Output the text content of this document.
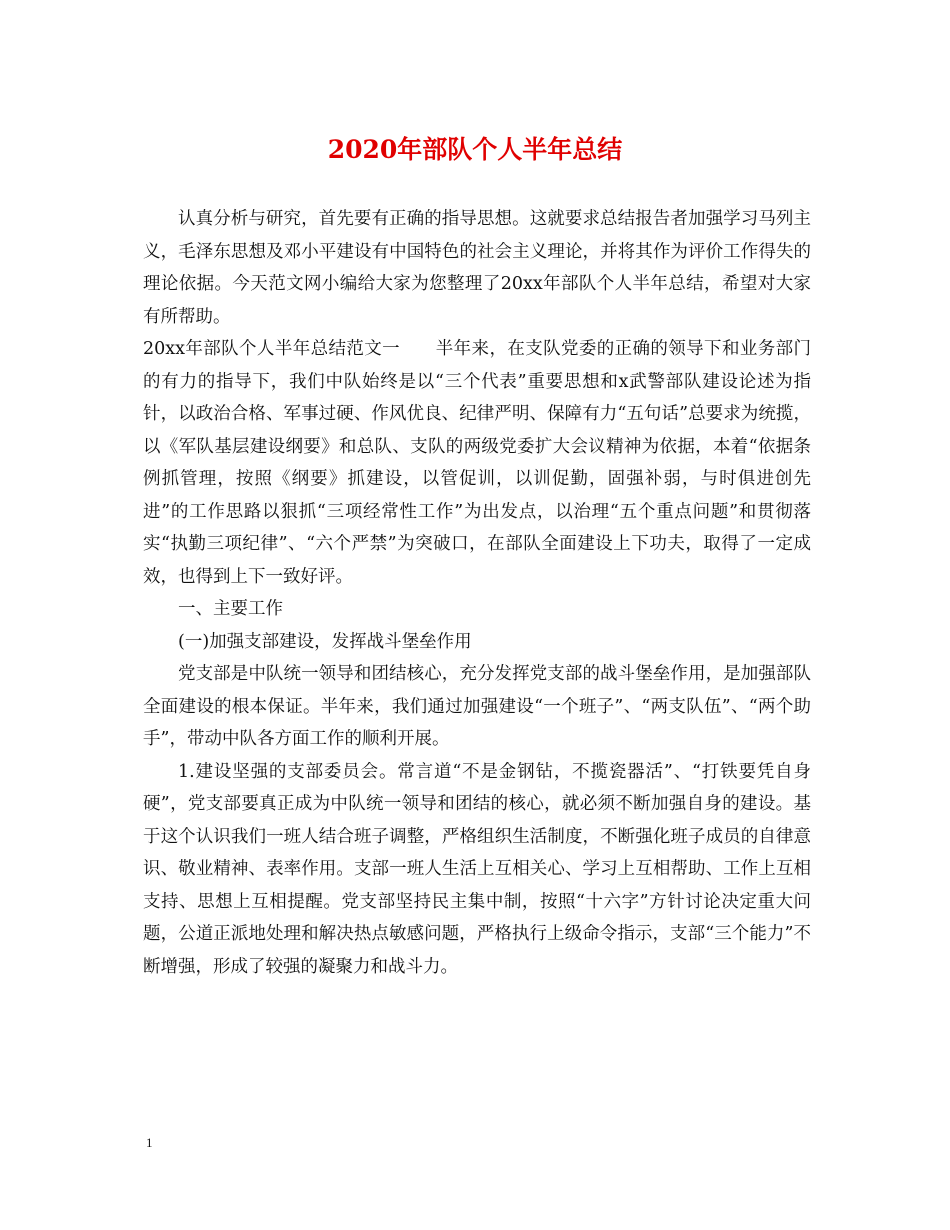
2020年部队个人半年总结

认真分析与研究，首先要有正确的指导思想。这就要求总结报告者加强学习马列主义，毛泽东思想及邓小平建设有中国特色的社会主义理论，并将其作为评价工作得失的理论依据。今天范文网小编给大家为您整理了20xx年部队个人半年总结，希望对大家有所帮助。

20xx年部队个人半年总结范文一　　半年来，在支队党委的正确的领导下和业务部门的有力的指导下，我们中队始终是以“三个代表”重要思想和x武警部队建设论述为指针，以政治合格、军事过硬、作风优良、纪律严明、保障有力“五句话”总要求为统揽，以《军队基层建设纲要》和总队、支队的两级党委扩大会议精神为依据，本着“依据条例抓管理，按照《纲要》抓建设，以管促训，以训促勤，固强补弱，与时俱进创先进”的工作思路以狠抓“三项经常性工作”为出发点，以治理“五个重点问题”和贯彻落实“执勤三项纪律”、“六个严禁”为突破口，在部队全面建设上下功夫，取得了一定成效，也得到上下一致好评。

一、主要工作

(一)加强支部建设，发挥战斗堡垒作用

党支部是中队统一领导和团结核心，充分发挥党支部的战斗堡垒作用，是加强部队全面建设的根本保证。半年来，我们通过加强建设“一个班子”、“两支队伍”、“两个助手”，带动中队各方面工作的顺利开展。

1.建设坚强的支部委员会。常言道“不是金钢钻，不揽瓷器活”、“打铁要凭自身硬”，党支部要真正成为中队统一领导和团结的核心，就必须不断加强自身的建设。基于这个认识我们一班人结合班子调整，严格组织生活制度，不断强化班子成员的自律意识、敬业精神、表率作用。支部一班人生活上互相关心、学习上互相帮助、工作上互相支持、思想上互相提醒。党支部坚持民主集中制，按照“十六字”方针讨论决定重大问题，公道正派地处理和解决热点敏感问题，严格执行上级命令指示，支部“三个能力”不断增强，形成了较强的凝聚力和战斗力。

1
